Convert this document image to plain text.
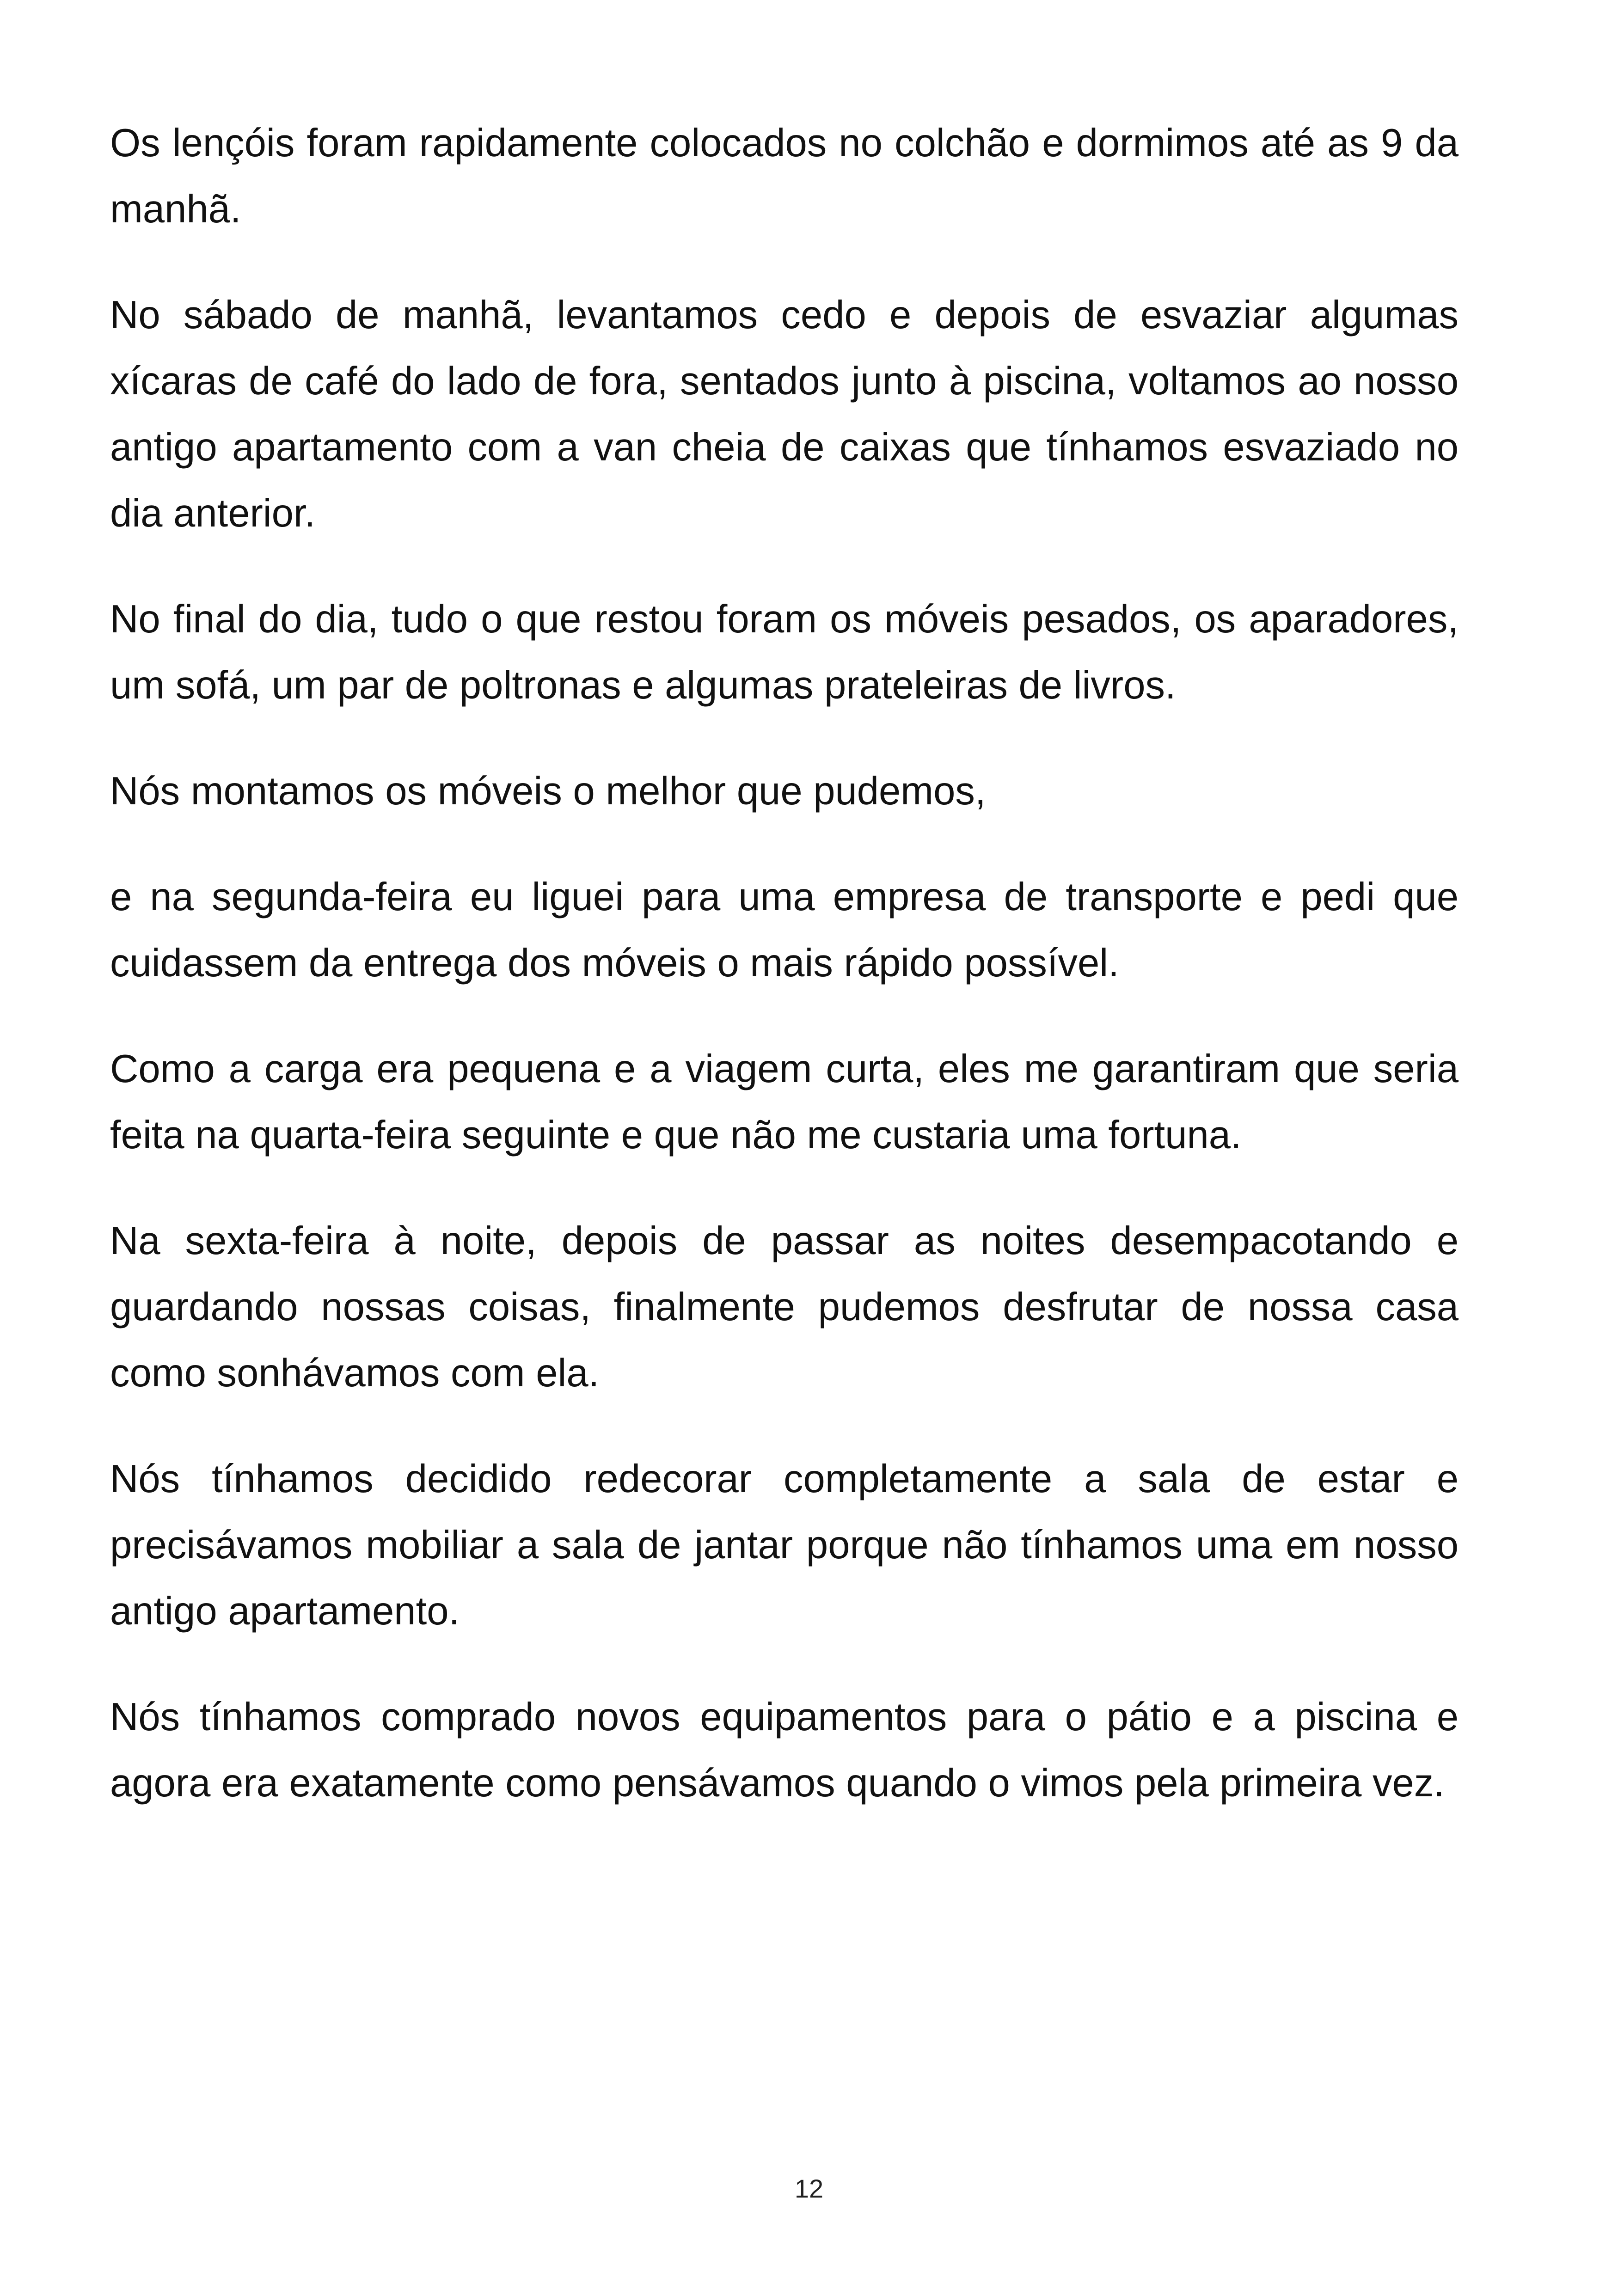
Os lençóis foram rapidamente colocados no colchão e dormimos até as 9 da manhã.

No sábado de manhã, levantamos cedo e depois de esvaziar algumas xícaras de café do lado de fora, sentados junto à piscina, voltamos ao nosso antigo apartamento com a van cheia de caixas que tínhamos esvaziado no dia anterior.

No final do dia, tudo o que restou foram os móveis pesados, os aparadores, um sofá, um par de poltronas e algumas prateleiras de livros.

Nós montamos os móveis o melhor que pudemos,

e na segunda-feira eu liguei para uma empresa de transporte e pedi que cuidassem da entrega dos móveis o mais rápido possível.

Como a carga era pequena e a viagem curta, eles me garantiram que seria feita na quarta-feira seguinte e que não me custaria uma fortuna.

Na sexta-feira à noite, depois de passar as noites desempacotando e guardando nossas coisas, finalmente pudemos desfrutar de nossa casa como sonhávamos com ela.

Nós tínhamos decidido redecorar completamente a sala de estar e precisávamos mobiliar a sala de jantar porque não tínhamos uma em nosso antigo apartamento.

Nós tínhamos comprado novos equipamentos para o pátio e a piscina e agora era exatamente como pensávamos quando o vimos pela primeira vez.

12
